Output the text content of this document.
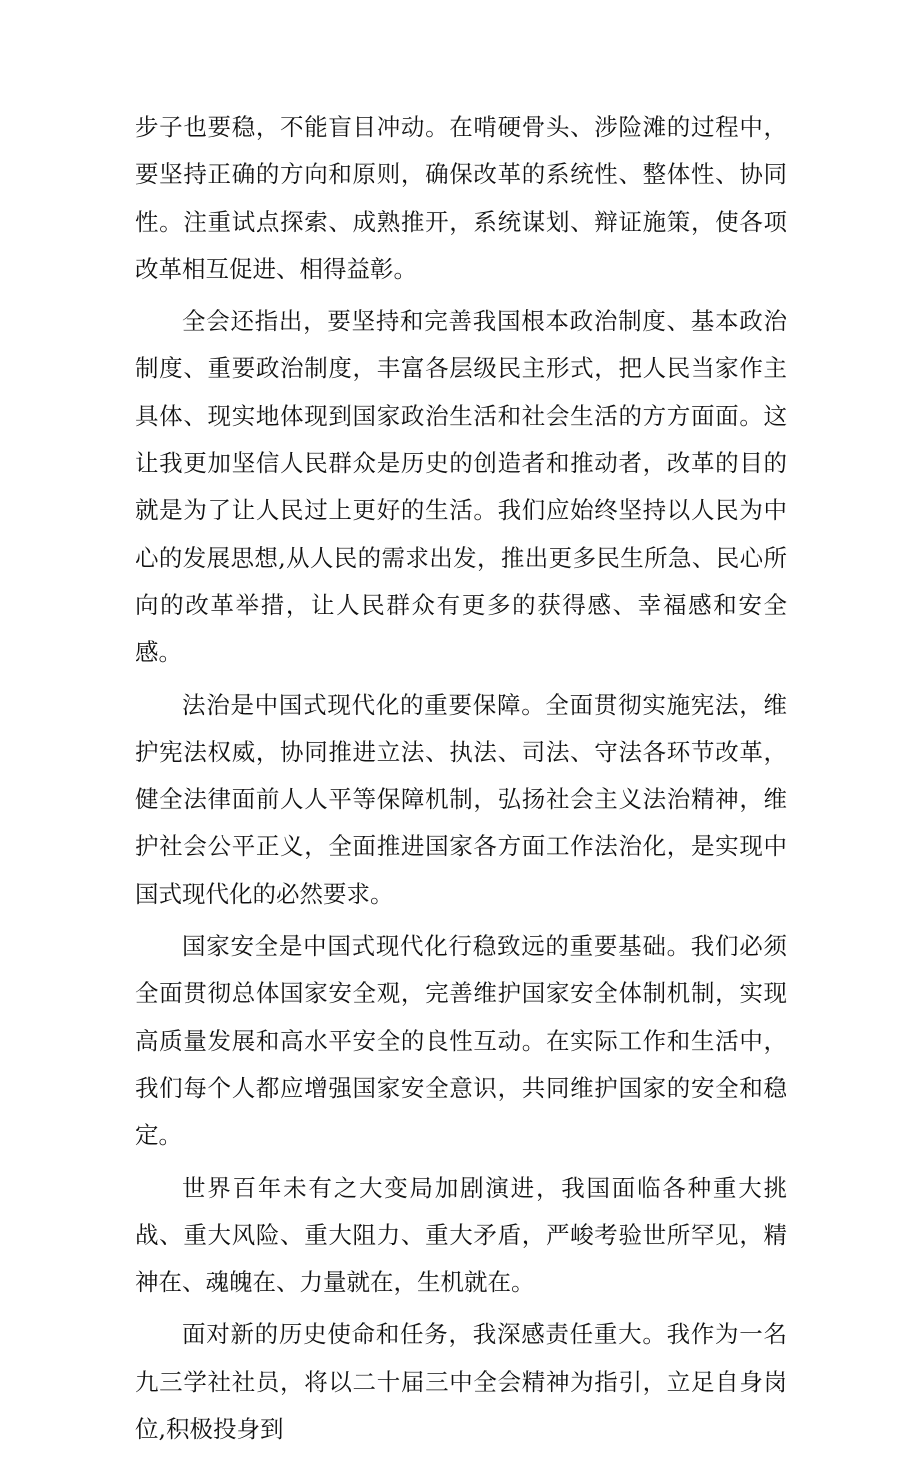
步子也要稳，不能盲目冲动。在啃硬骨头、涉险滩的过程中，要坚持正确的方向和原则，确保改革的系统性、整体性、协同性。注重试点探索、成熟推开，系统谋划、辩证施策，使各项改革相互促进、相得益彰。

全会还指出，要坚持和完善我国根本政治制度、基本政治制度、重要政治制度，丰富各层级民主形式，把人民当家作主具体、现实地体现到国家政治生活和社会生活的方方面面。这让我更加坚信人民群众是历史的创造者和推动者，改革的目的就是为了让人民过上更好的生活。我们应始终坚持以人民为中心的发展思想,从人民的需求出发，推出更多民生所急、民心所向的改革举措，让人民群众有更多的获得感、幸福感和安全感。

法治是中国式现代化的重要保障。全面贯彻实施宪法，维护宪法权威，协同推进立法、执法、司法、守法各环节改革，健全法律面前人人平等保障机制，弘扬社会主义法治精神，维护社会公平正义，全面推进国家各方面工作法治化，是实现中国式现代化的必然要求。

国家安全是中国式现代化行稳致远的重要基础。我们必须全面贯彻总体国家安全观，完善维护国家安全体制机制，实现高质量发展和高水平安全的良性互动。在实际工作和生活中，我们每个人都应增强国家安全意识，共同维护国家的安全和稳定。

世界百年未有之大变局加剧演进，我国面临各种重大挑战、重大风险、重大阻力、重大矛盾，严峻考验世所罕见，精神在、魂魄在、力量就在，生机就在。

面对新的历史使命和任务，我深感责任重大。我作为一名九三学社社员，将以二十届三中全会精神为指引，立足自身岗位,积极投身到
